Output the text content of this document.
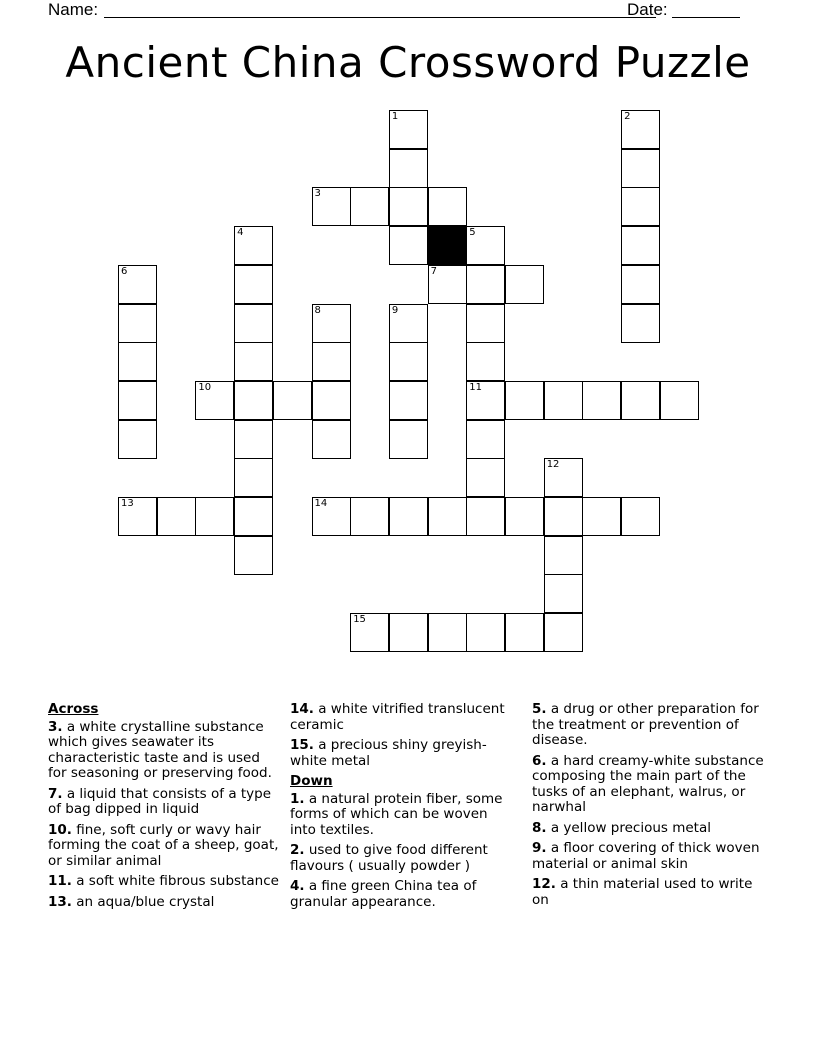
Name:	Date:
Ancient China Crossword Puzzle
1	2
3
4	5
6	7
8	9
10	11
12
13	14
15
Across
3. a white crystalline substance which gives seawater its characteristic taste and is used for seasoning or preserving food.
7. a liquid that consists of a type of bag dipped in liquid
10. fine, soft curly or wavy hair forming the coat of a sheep, goat, or similar animal
11. a soft white fibrous substance
13. an aqua/blue crystal
14. a white vitrified translucent ceramic
15. a precious shiny greyish-white metal
Down
1. a natural protein fiber, some forms of which can be woven into textiles.
2. used to give food different flavours ( usually powder )
4. a fine green China tea of granular appearance.
5. a drug or other preparation for the treatment or prevention of disease.
6. a hard creamy-white substance composing the main part of the tusks of an elephant, walrus, or narwhal
8. a yellow precious metal
9. a floor covering of thick woven material or animal skin
12. a thin material used to write on
